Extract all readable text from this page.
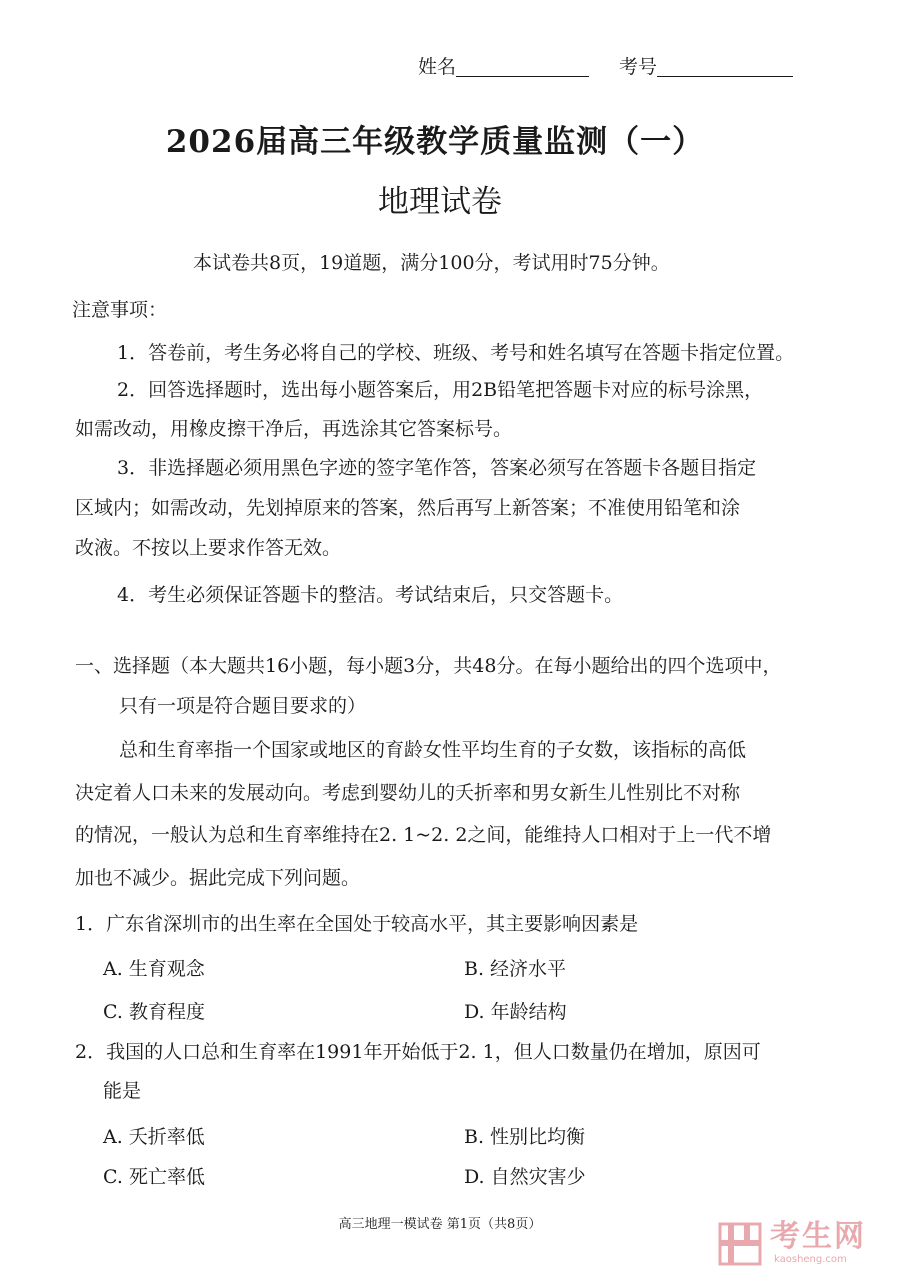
姓名	考号
2026届高三年级教学质量监测（一）
地理试卷
本试卷共8页，19道题，满分100分，考试用时75分钟。
注意事项：
1．答卷前，考生务必将自己的学校、班级、考号和姓名填写在答题卡指定位置。
2．回答选择题时，选出每小题答案后，用2B铅笔把答题卡对应的标号涂黑，
如需改动，用橡皮擦干净后，再选涂其它答案标号。
3．非选择题必须用黑色字迹的签字笔作答，答案必须写在答题卡各题目指定
区域内；如需改动，先划掉原来的答案，然后再写上新答案；不准使用铅笔和涂
改液。不按以上要求作答无效。
4．考生必须保证答题卡的整洁。考试结束后，只交答题卡。
一、选择题（本大题共16小题，每小题3分，共48分。在每小题给出的四个选项中，
只有一项是符合题目要求的）
总和生育率指一个国家或地区的育龄女性平均生育的子女数，该指标的高低
决定着人口未来的发展动向。考虑到婴幼儿的夭折率和男女新生儿性别比不对称
的情况，一般认为总和生育率维持在2. 1~2. 2之间，能维持人口相对于上一代不增
加也不减少。据此完成下列问题。
1．广东省深圳市的出生率在全国处于较高水平，其主要影响因素是
A. 生育观念	B. 经济水平
C. 教育程度	D. 年龄结构
2．我国的人口总和生育率在1991年开始低于2. 1，但人口数量仍在增加，原因可
能是
A. 夭折率低	B. 性别比均衡
C. 死亡率低	D. 自然灾害少
高三地理一模试卷 第1页（共8页）	考生网
kaosheng.com
